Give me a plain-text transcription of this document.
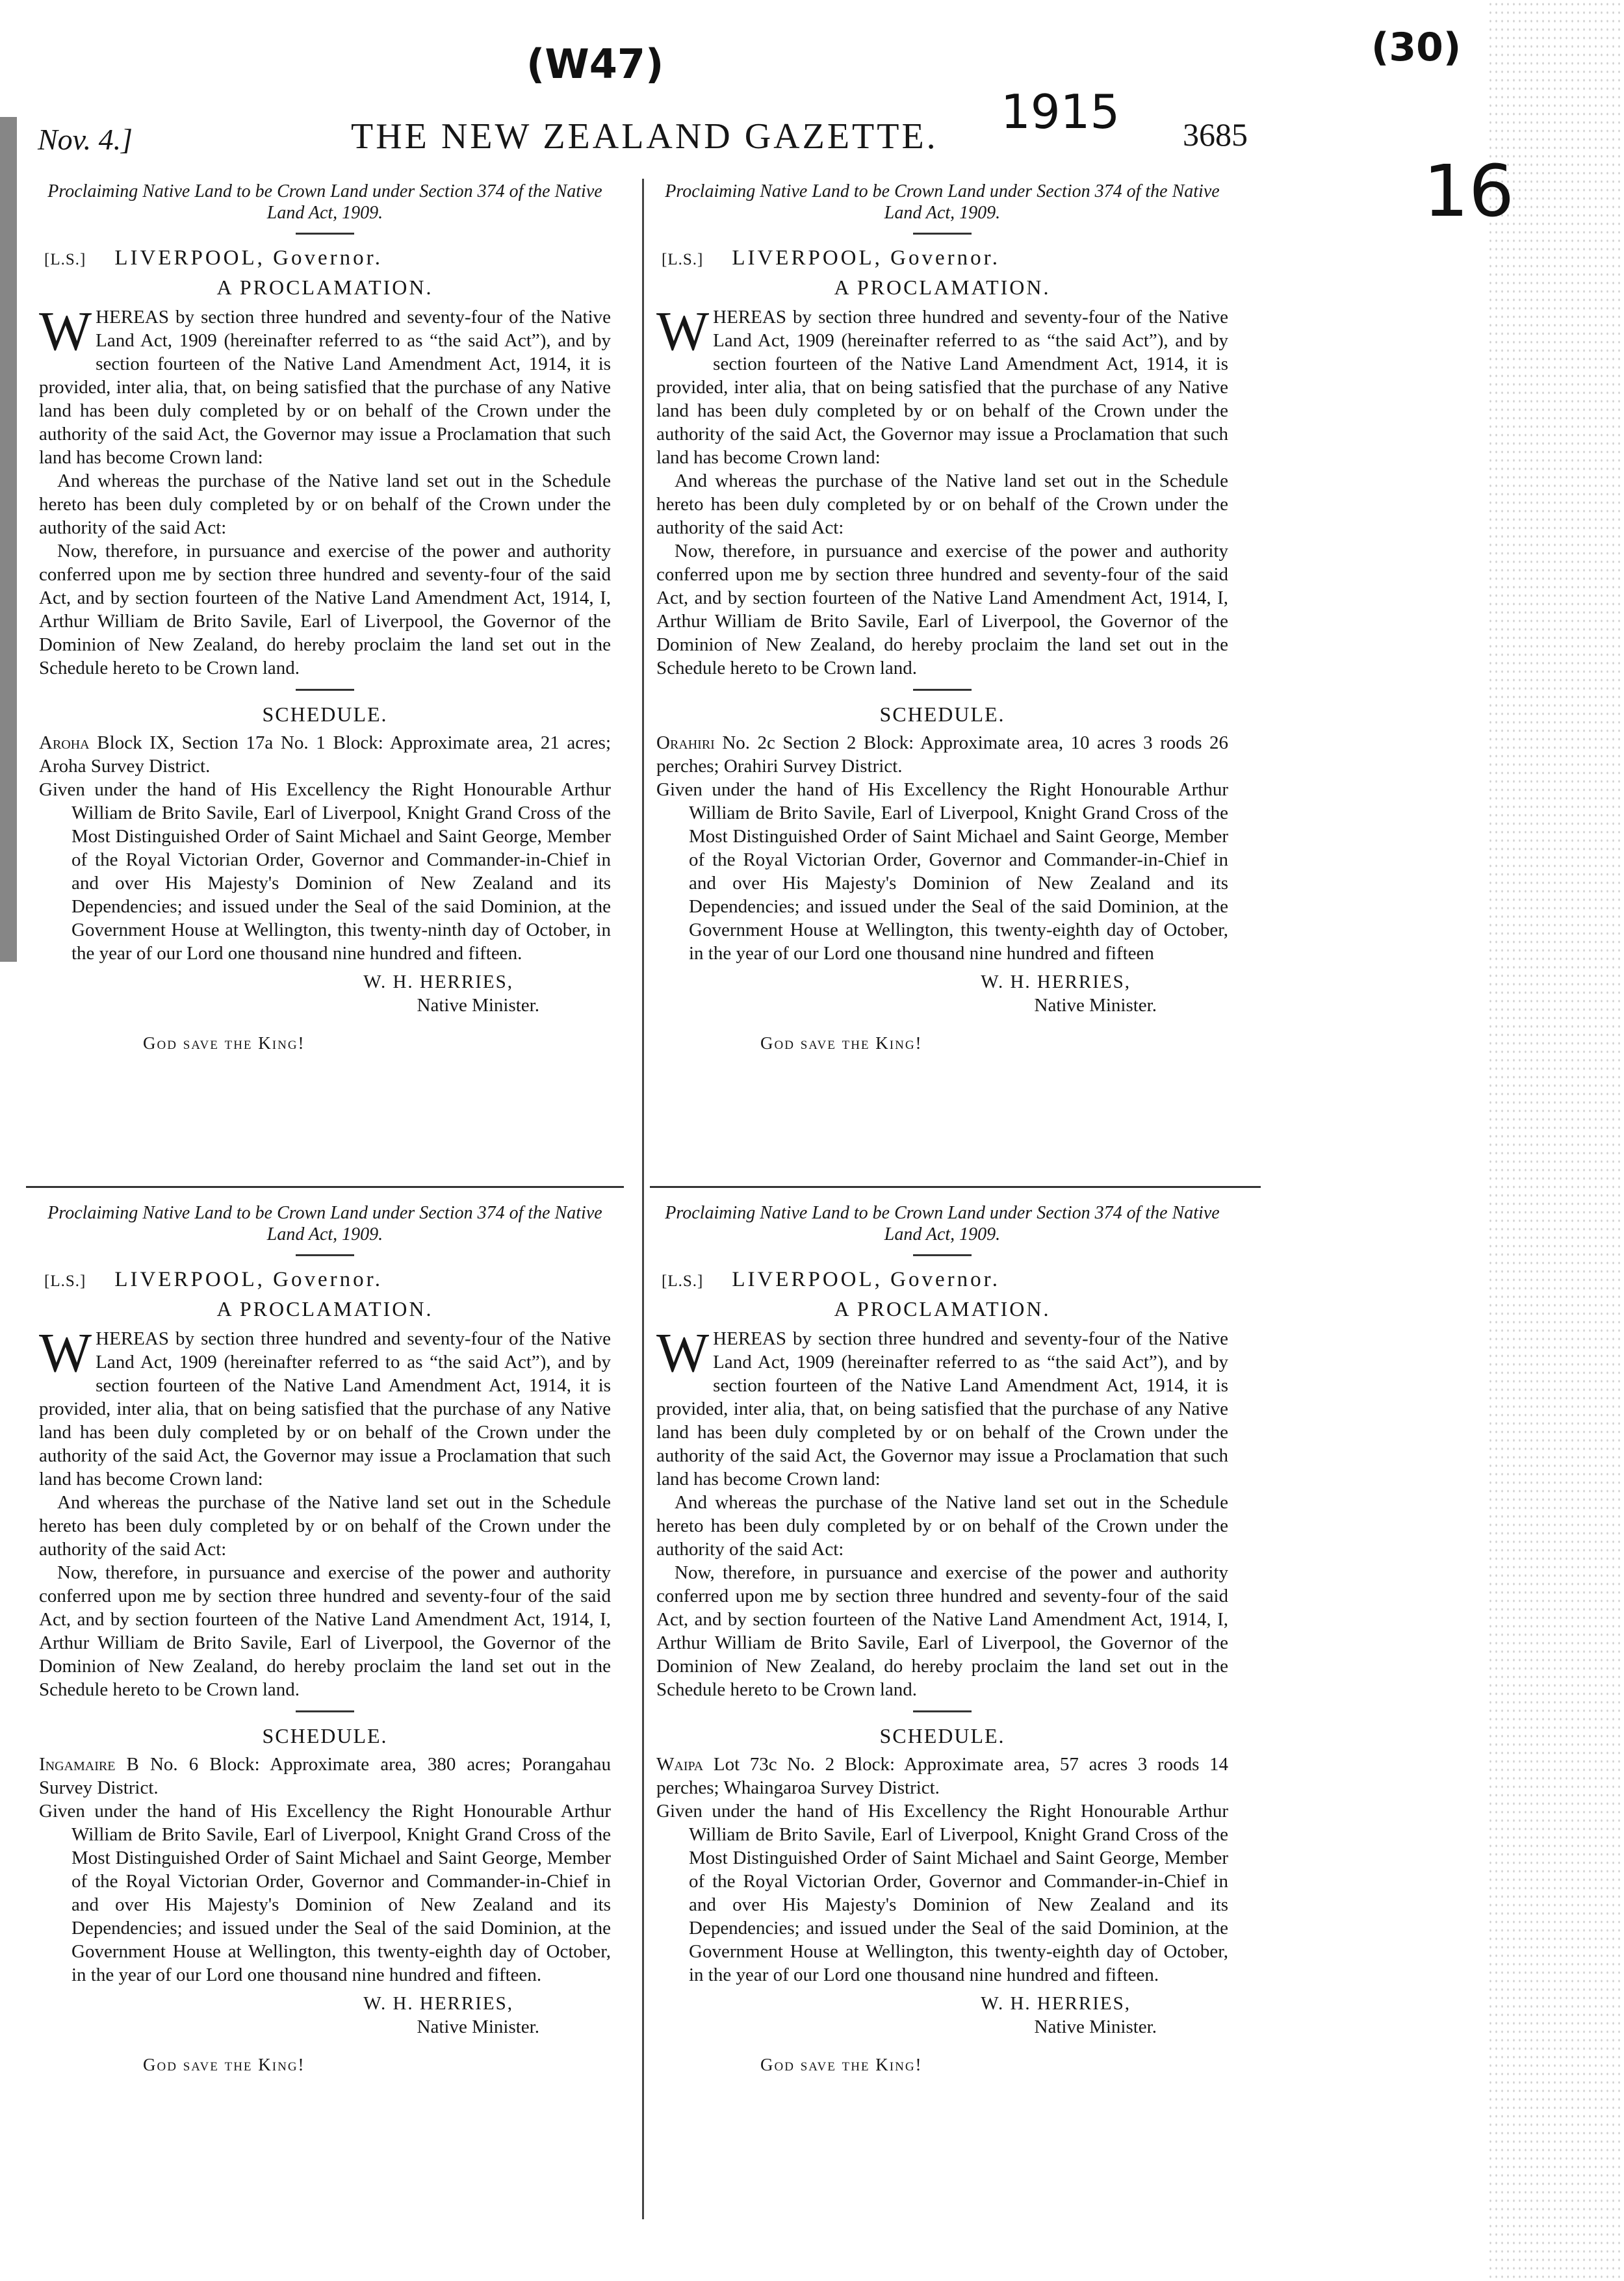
(W47)
1915
(30)
16
Nov. 4.]	THE NEW ZEALAND GAZETTE.	3685
Proclaiming Native Land to be Crown Land under Section 374 of the Native Land Act, 1909.
[L.S.] LIVERPOOL, Governor.
A PROCLAMATION.

WHEREAS by section three hundred and seventy-four of the Native Land Act, 1909 (hereinafter referred to as “the said Act”), and by section fourteen of the Native Land Amendment Act, 1914, it is provided, inter alia, that, on being satisfied that the purchase of any Native land has been duly completed by or on behalf of the Crown under the authority of the said Act, the Governor may issue a Proclamation that such land has become Crown land:

And whereas the purchase of the Native land set out in the Schedule hereto has been duly completed by or on behalf of the Crown under the authority of the said Act:

Now, therefore, in pursuance and exercise of the power and authority conferred upon me by section three hundred and seventy-four of the said Act, and by section fourteen of the Native Land Amendment Act, 1914, I, Arthur William de Brito Savile, Earl of Liverpool, the Governor of the Dominion of New Zealand, do hereby proclaim the land set out in the Schedule hereto to be Crown land.

SCHEDULE.

Aroha Block IX, Section 17a No. 1 Block: Approximate area, 21 acres; Aroha Survey District.

Given under the hand of His Excellency the Right Honourable Arthur William de Brito Savile, Earl of Liverpool, Knight Grand Cross of the Most Distinguished Order of Saint Michael and Saint George, Member of the Royal Victorian Order, Governor and Commander-in-Chief in and over His Majesty's Dominion of New Zealand and its Dependencies; and issued under the Seal of the said Dominion, at the Government House at Wellington, this twenty-ninth day of October, in the year of our Lord one thousand nine hundred and fifteen.

W. H. HERRIES,
Native Minister.
God save the King!
Proclaiming Native Land to be Crown Land under Section 374 of the Native Land Act, 1909.
[L.S.] LIVERPOOL, Governor.
A PROCLAMATION.

WHEREAS by section three hundred and seventy-four of the Native Land Act, 1909 (hereinafter referred to as “the said Act”), and by section fourteen of the Native Land Amendment Act, 1914, it is provided, inter alia, that on being satisfied that the purchase of any Native land has been duly completed by or on behalf of the Crown under the authority of the said Act, the Governor may issue a Proclamation that such land has become Crown land:

And whereas the purchase of the Native land set out in the Schedule hereto has been duly completed by or on behalf of the Crown under the authority of the said Act:

Now, therefore, in pursuance and exercise of the power and authority conferred upon me by section three hundred and seventy-four of the said Act, and by section fourteen of the Native Land Amendment Act, 1914, I, Arthur William de Brito Savile, Earl of Liverpool, the Governor of the Dominion of New Zealand, do hereby proclaim the land set out in the Schedule hereto to be Crown land.

SCHEDULE.

Orahiri No. 2c Section 2 Block: Approximate area, 10 acres 3 roods 26 perches; Orahiri Survey District.

Given under the hand of His Excellency the Right Honourable Arthur William de Brito Savile, Earl of Liverpool, Knight Grand Cross of the Most Distinguished Order of Saint Michael and Saint George, Member of the Royal Victorian Order, Governor and Commander-in-Chief in and over His Majesty's Dominion of New Zealand and its Dependencies; and issued under the Seal of the said Dominion, at the Government House at Wellington, this twenty-eighth day of October, in the year of our Lord one thousand nine hundred and fifteen

W. H. HERRIES,
Native Minister.
God save the King!
Proclaiming Native Land to be Crown Land under Section 374 of the Native Land Act, 1909.
[L.S.] LIVERPOOL, Governor.
A PROCLAMATION.

WHEREAS by section three hundred and seventy-four of the Native Land Act, 1909 (hereinafter referred to as “the said Act”), and by section fourteen of the Native Land Amendment Act, 1914, it is provided, inter alia, that on being satisfied that the purchase of any Native land has been duly completed by or on behalf of the Crown under the authority of the said Act, the Governor may issue a Proclamation that such land has become Crown land:

And whereas the purchase of the Native land set out in the Schedule hereto has been duly completed by or on behalf of the Crown under the authority of the said Act:

Now, therefore, in pursuance and exercise of the power and authority conferred upon me by section three hundred and seventy-four of the said Act, and by section fourteen of the Native Land Amendment Act, 1914, I, Arthur William de Brito Savile, Earl of Liverpool, the Governor of the Dominion of New Zealand, do hereby proclaim the land set out in the Schedule hereto to be Crown land.

SCHEDULE.

Ingamaire B No. 6 Block: Approximate area, 380 acres; Porangahau Survey District.

Given under the hand of His Excellency the Right Honourable Arthur William de Brito Savile, Earl of Liverpool, Knight Grand Cross of the Most Distinguished Order of Saint Michael and Saint George, Member of the Royal Victorian Order, Governor and Commander-in-Chief in and over His Majesty's Dominion of New Zealand and its Dependencies; and issued under the Seal of the said Dominion, at the Government House at Wellington, this twenty-eighth day of October, in the year of our Lord one thousand nine hundred and fifteen.

W. H. HERRIES,
Native Minister.
God save the King!
Proclaiming Native Land to be Crown Land under Section 374 of the Native Land Act, 1909.
[L.S.] LIVERPOOL, Governor.
A PROCLAMATION.

WHEREAS by section three hundred and seventy-four of the Native Land Act, 1909 (hereinafter referred to as “the said Act”), and by section fourteen of the Native Land Amendment Act, 1914, it is provided, inter alia, that, on being satisfied that the purchase of any Native land has been duly completed by or on behalf of the Crown under the authority of the said Act, the Governor may issue a Proclamation that such land has become Crown land:

And whereas the purchase of the Native land set out in the Schedule hereto has been duly completed by or on behalf of the Crown under the authority of the said Act:

Now, therefore, in pursuance and exercise of the power and authority conferred upon me by section three hundred and seventy-four of the said Act, and by section fourteen of the Native Land Amendment Act, 1914, I, Arthur William de Brito Savile, Earl of Liverpool, the Governor of the Dominion of New Zealand, do hereby proclaim the land set out in the Schedule hereto to be Crown land.

SCHEDULE.

Waipa Lot 73c No. 2 Block: Approximate area, 57 acres 3 roods 14 perches; Whaingaroa Survey District.

Given under the hand of His Excellency the Right Honourable Arthur William de Brito Savile, Earl of Liverpool, Knight Grand Cross of the Most Distinguished Order of Saint Michael and Saint George, Member of the Royal Victorian Order, Governor and Commander-in-Chief in and over His Majesty's Dominion of New Zealand and its Dependencies; and issued under the Seal of the said Dominion, at the Government House at Wellington, this twenty-eighth day of October, in the year of our Lord one thousand nine hundred and fifteen.

W. H. HERRIES,
Native Minister.
God save the King!
